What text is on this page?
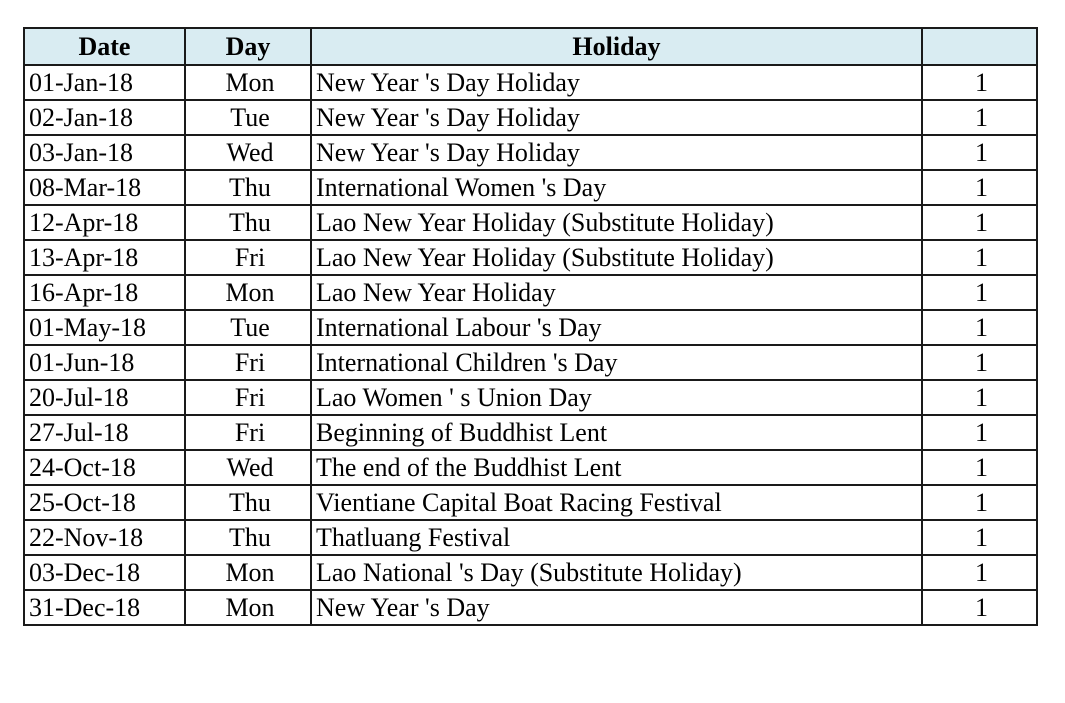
Date	Day	Holiday	
01-Jan-18	Mon	New Year 's Day Holiday	1
02-Jan-18	Tue	New Year 's Day Holiday	1
03-Jan-18	Wed	New Year 's Day Holiday	1
08-Mar-18	Thu	International Women 's Day	1
12-Apr-18	Thu	Lao New Year Holiday (Substitute Holiday)	1
13-Apr-18	Fri	Lao New Year Holiday (Substitute Holiday)	1
16-Apr-18	Mon	Lao New Year Holiday	1
01-May-18	Tue	International Labour 's Day	1
01-Jun-18	Fri	International Children 's Day	1
20-Jul-18	Fri	Lao Women ' s Union Day	1
27-Jul-18	Fri	Beginning of Buddhist Lent	1
24-Oct-18	Wed	The end of the Buddhist Lent	1
25-Oct-18	Thu	Vientiane Capital Boat Racing Festival	1
22-Nov-18	Thu	Thatluang Festival	1
03-Dec-18	Mon	Lao National 's Day (Substitute Holiday)	1
31-Dec-18	Mon	New Year 's Day	1
